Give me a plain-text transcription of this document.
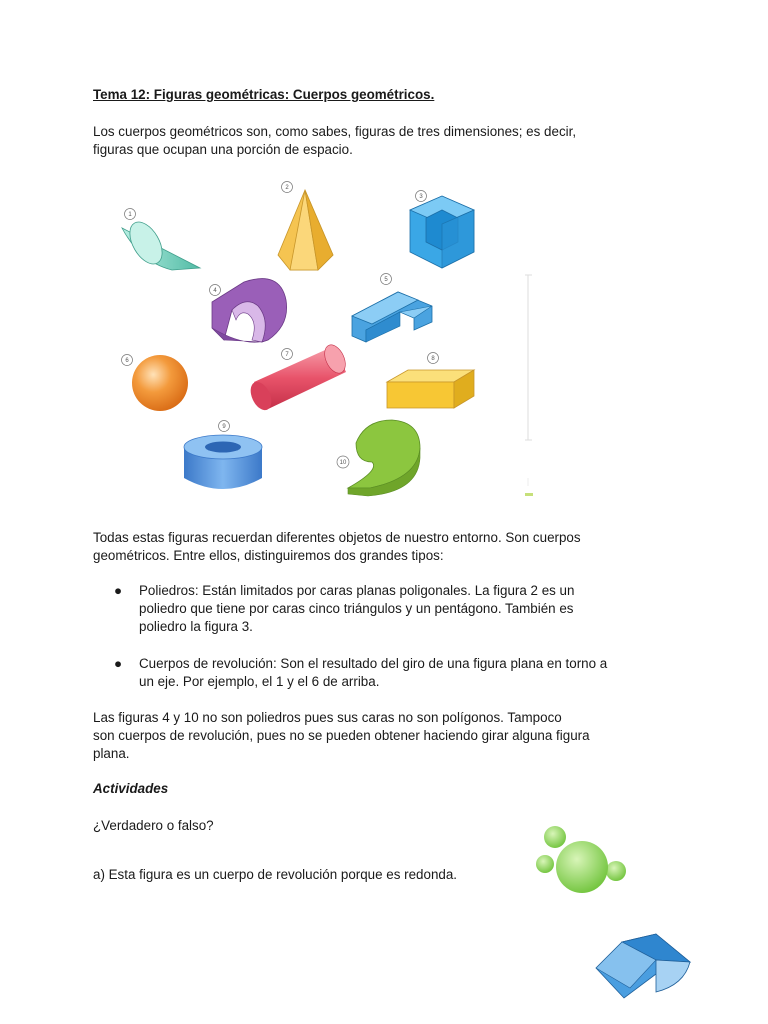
Tema 12: Figuras geométricas: Cuerpos geométricos.
Los cuerpos geométricos son, como sabes, figuras de tres dimensiones; es decir,
figuras que ocupan una porción de espacio.
1
2
3
4
5
6
7
8
9
10
Todas estas figuras recuerdan diferentes objetos de nuestro entorno. Son cuerpos
geométricos. Entre ellos, distinguiremos dos grandes tipos:
● Poliedros: Están limitados por caras planas poligonales. La figura 2 es un
poliedro que tiene por caras cinco triángulos y un pentágono. También es
poliedro la figura 3.
● Cuerpos de revolución: Son el resultado del giro de una figura plana en torno a
un eje. Por ejemplo, el 1 y el 6 de arriba.
Las figuras 4 y 10 no son poliedros pues sus caras no son polígonos. Tampoco
son cuerpos de revolución, pues no se pueden obtener haciendo girar alguna figura
plana.
Actividades
¿Verdadero o falso?
a) Esta figura es un cuerpo de revolución porque es redonda.
